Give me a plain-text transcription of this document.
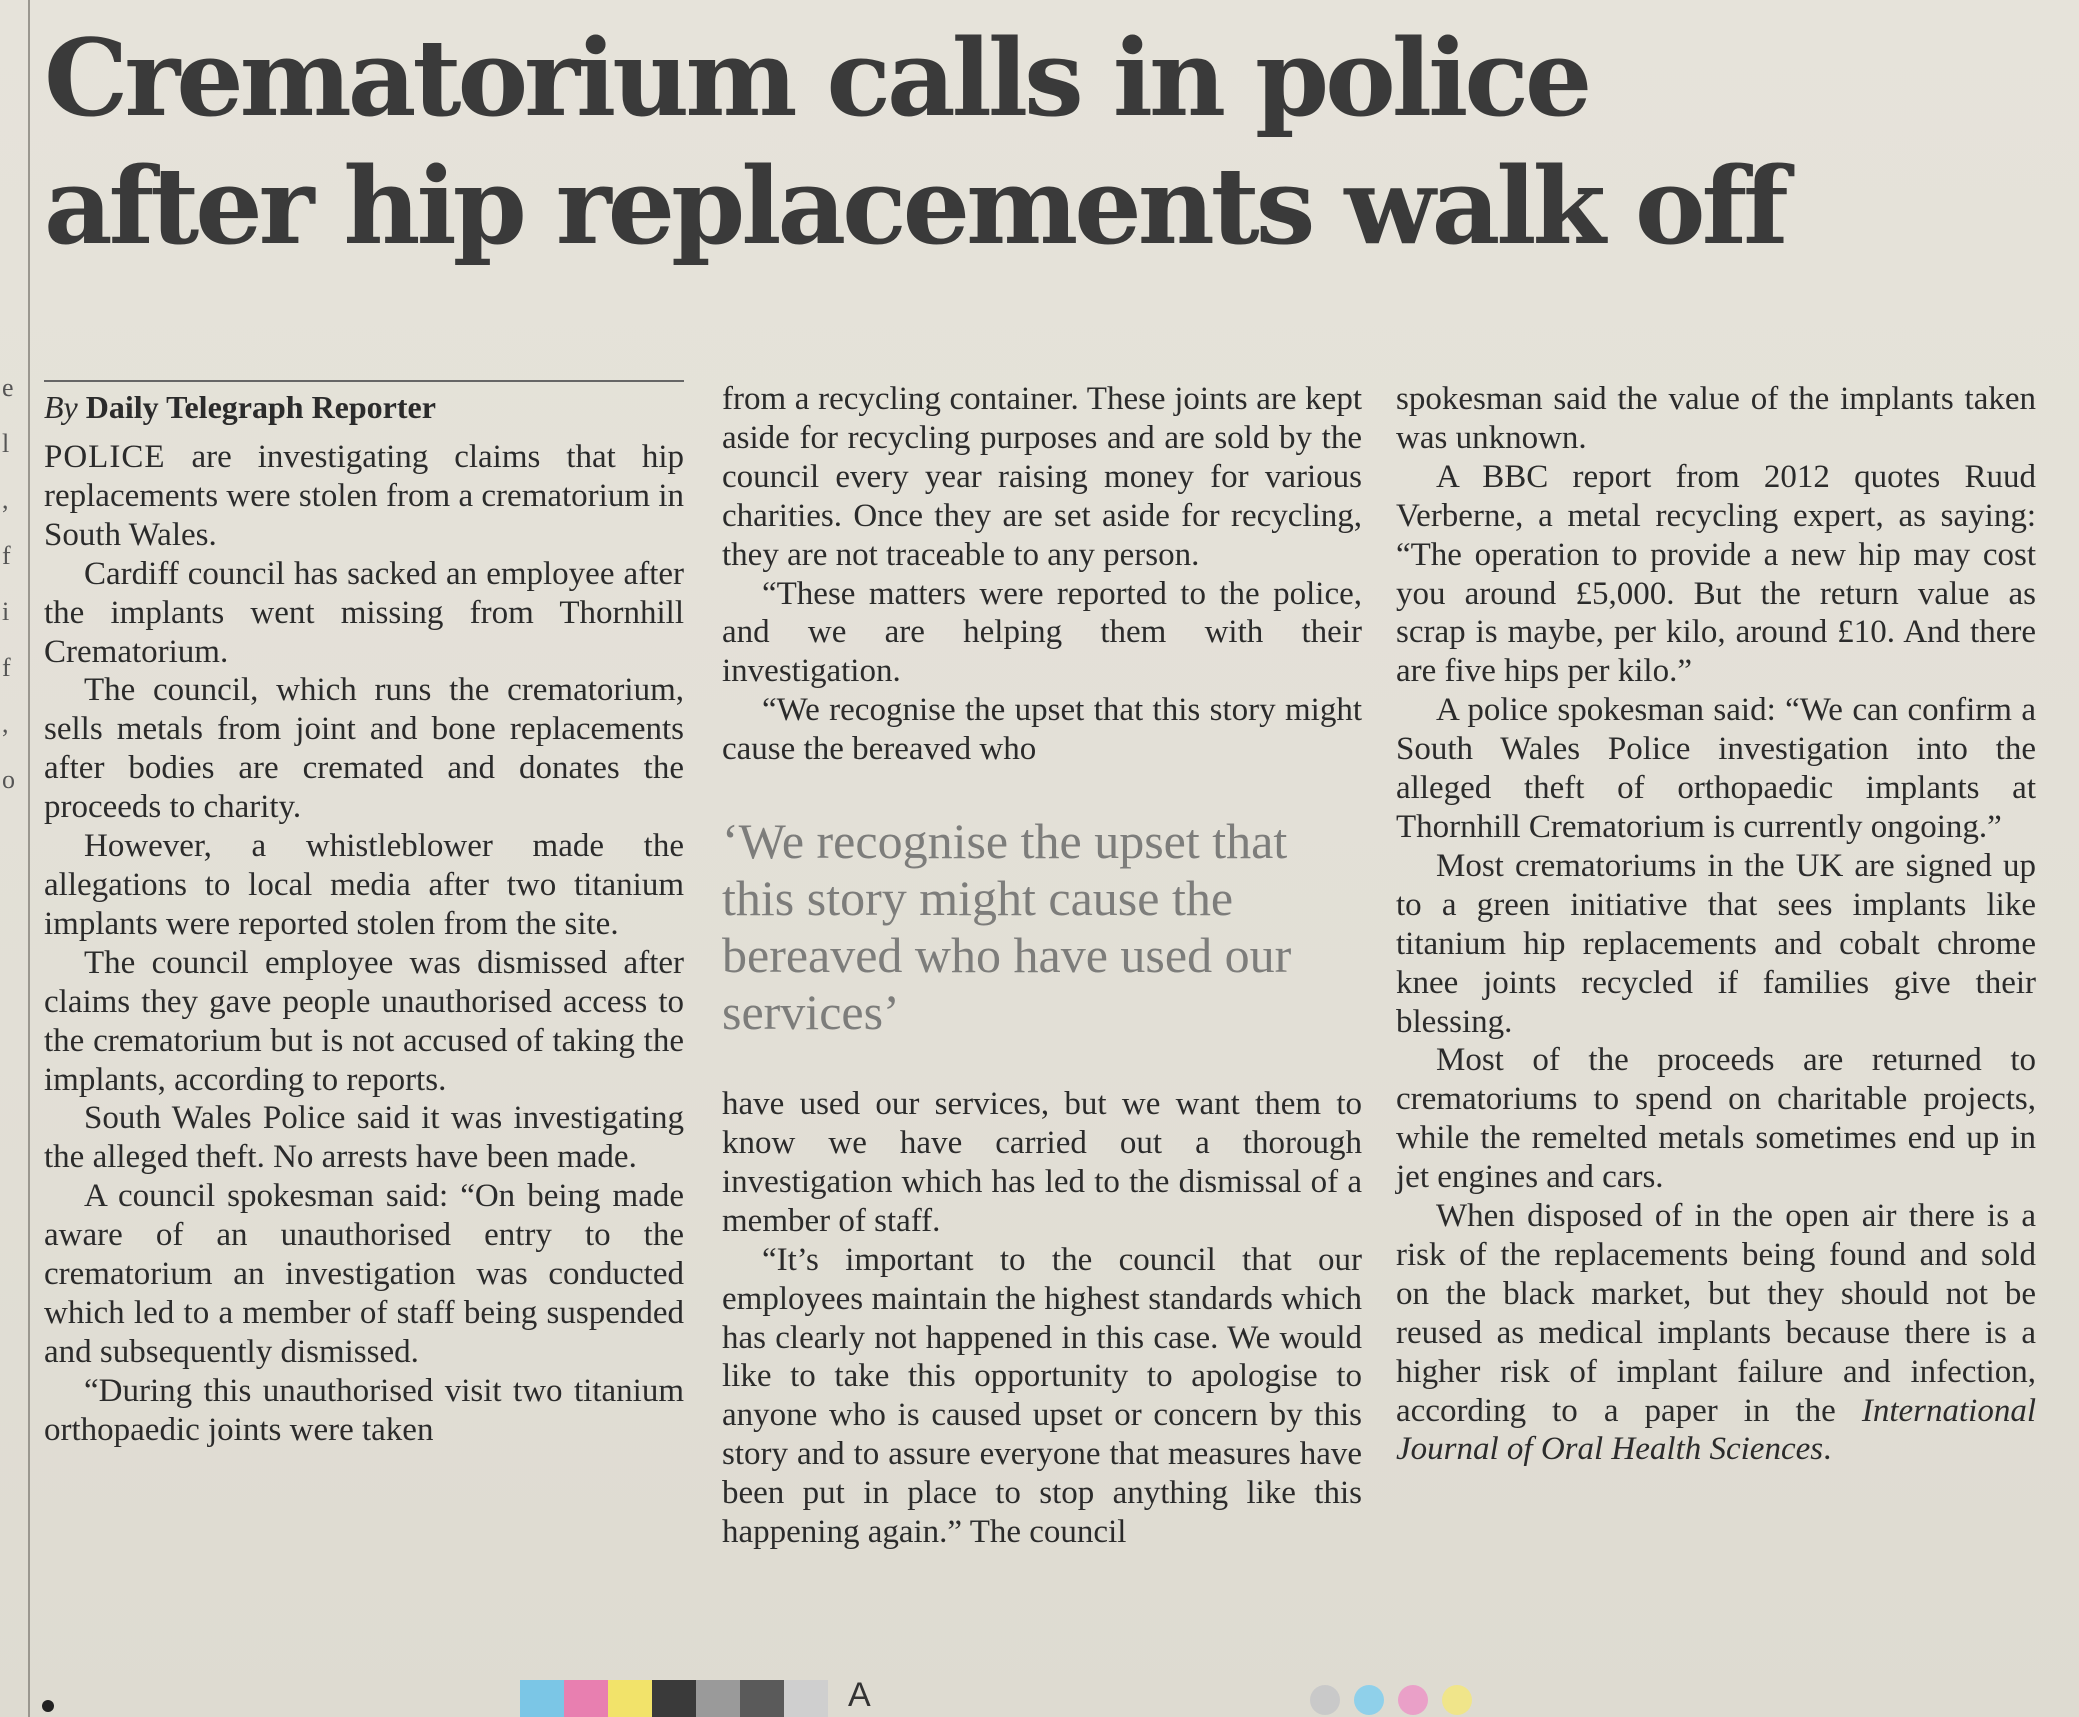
e
l
,
f
i
f
,
o
Crematorium calls in police
after hip replacements walk off
By Daily Telegraph Reporter

POLICE are investigating claims that hip replacements were stolen from a crematorium in South Wales.

Cardiff council has sacked an employee after the implants went missing from Thornhill Crematorium.

The council, which runs the crematorium, sells metals from joint and bone replacements after bodies are cremated and donates the proceeds to charity.

However, a whistleblower made the allegations to local media after two titanium implants were reported stolen from the site.

The council employee was dismissed after claims they gave people unauthorised access to the crematorium but is not accused of taking the implants, according to reports.

South Wales Police said it was investigating the alleged theft. No arrests have been made.

A council spokesman said: “On being made aware of an unauthorised entry to the crematorium an investigation was conducted which led to a member of staff being suspended and subsequently dismissed.

“During this unauthorised visit two titanium orthopaedic joints were taken

from a recycling container. These joints are kept aside for recycling purposes and are sold by the council every year raising money for various charities. Once they are set aside for recycling, they are not traceable to any person.

“These matters were reported to the police, and we are helping them with their investigation.

“We recognise the upset that this story might cause the bereaved who

‘We recognise the upset that this story might cause the bereaved who have used our services’

have used our services, but we want them to know we have carried out a thorough investigation which has led to the dismissal of a member of staff.

“It’s important to the council that our employees maintain the highest standards which has clearly not happened in this case. We would like to take this opportunity to apologise to anyone who is caused upset or concern by this story and to assure everyone that measures have been put in place to stop anything like this happening again.” The council

spokesman said the value of the implants taken was unknown.

A BBC report from 2012 quotes Ruud Verberne, a metal recycling expert, as saying: “The operation to provide a new hip may cost you around £5,000. But the return value as scrap is maybe, per kilo, around £10. And there are five hips per kilo.”

A police spokesman said: “We can confirm a South Wales Police investigation into the alleged theft of orthopaedic implants at Thornhill Crematorium is currently ongoing.”

Most crematoriums in the UK are signed up to a green initiative that sees implants like titanium hip replacements and cobalt chrome knee joints recycled if families give their blessing.

Most of the proceeds are returned to crematoriums to spend on charitable projects, while the remelted metals sometimes end up in jet engines and cars.

When disposed of in the open air there is a risk of the replacements being found and sold on the black market, but they should not be reused as medical implants because there is a higher risk of implant failure and infection, according to a paper in the International Journal of Oral Health Sciences.

A
